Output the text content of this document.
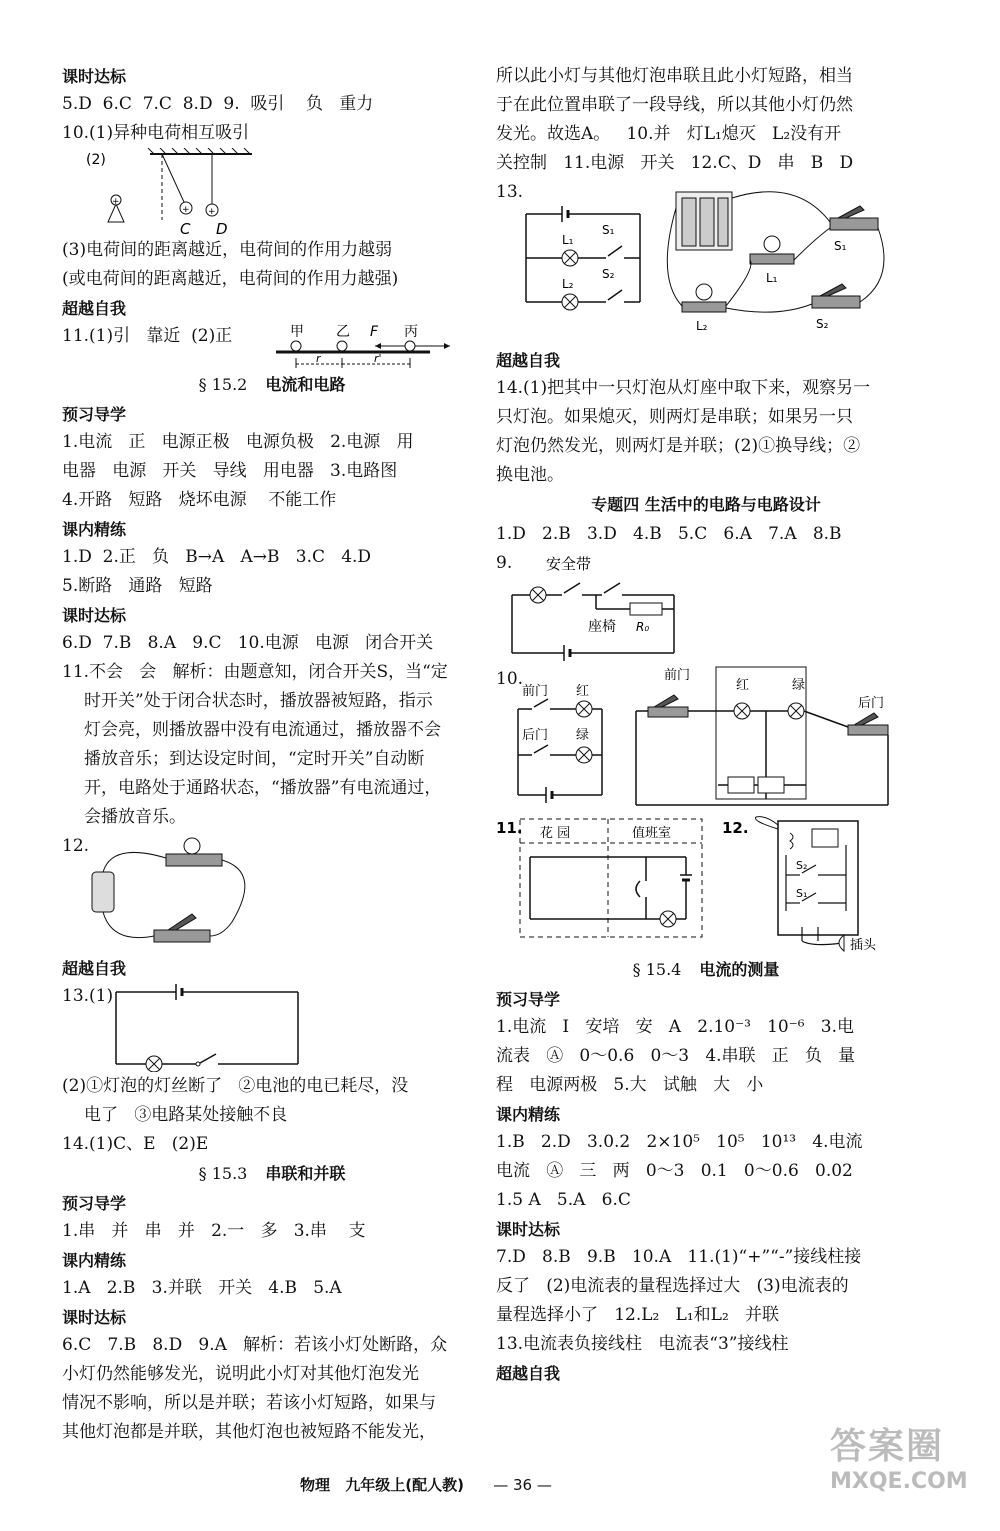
课时达标
5.D  6.C  7.C  8.D  9.  吸引    负   重力
10.(1)异种电荷相互吸引
(2)
+ +
+
C D
(3)电荷间的距离越近，电荷间的作用力越弱
(或电荷间的距离越近，电荷间的作用力越强)
超越自我
11.(1)引   靠近  (2)正	甲 乙 F 丙
r	r'
§ 15.2 电流和电路
预习导学
1.电流   正   电源正极   电源负极   2.电源   用
电器   电源   开关   导线   用电器   3.电路图
4.开路   短路   烧坏电源    不能工作
课内精练
1.D  2.正   负   B→A   A→B   3.C   4.D
5.断路   通路   短路
课时达标
6.D  7.B   8.A   9.C   10.电源   电源   闭合开关
11.不会   会   解析：由题意知，闭合开关S，当“定
时开关”处于闭合状态时，播放器被短路，指示
灯会亮，则播放器中没有电流通过，播放器不会
播放音乐；到达设定时间，“定时开关”自动断
开，电路处于通路状态，“播放器”有电流通过，
会播放音乐。
12.
超越自我
13.(1)
(2)①灯泡的灯丝断了   ②电池的电已耗尽，没
电了   ③电路某处接触不良
14.(1)C、E   (2)E
§ 15.3 串联和并联
预习导学
1.串   并   串   并   2.一   多   3.串    支
课内精练
1.A   2.B   3.并联   开关   4.B   5.A
课时达标
6.C   7.B   8.D   9.A   解析：若该小灯处断路，众
小灯仍然能够发光，说明此小灯对其他灯泡发光
情况不影响，所以是并联；若该小灯短路，如果与
其他灯泡都是并联，其他灯泡也被短路不能发光，
所以此小灯与其他灯泡串联且此小灯短路，相当
于在此位置串联了一段导线，所以其他小灯仍然
发光。故选A。   10.并   灯L₁熄灭   L₂没有开
关控制   11.电源   开关   12.C、D   串   B   D
13.
L₁
L₂
S₁
S₂
S₁
L₁
L₂	S₂
超越自我
14.(1)把其中一只灯泡从灯座中取下来，观察另一
只灯泡。如果熄灭，则两灯是串联；如果另一只
灯泡仍然发光，则两灯是并联；(2)①换导线；②
换电池。
专题四 生活中的电路与电路设计
1.D   2.B   3.D   4.B   5.C   6.A   7.A   8.B
9.	安全带
座椅 R₀
10.
前门 红
后门 绿
前门
红	绿
后门
11. 花 园	值班室	12.
S₂
S₁
插头
§ 15.4 电流的测量
预习导学
1.电流   I   安培   安   A   2.10⁻³   10⁻⁶   3.电
流表   Ⓐ   0～0.6   0～3   4.串联   正   负   量
程   电源两极   5.大   试触   大   小
课内精练
1.B   2.D   3.0.2   2×10⁵   10⁵   10¹³   4.电流
电流   Ⓐ   三   两   0～3   0.1   0～0.6   0.02
1.5 A   5.A   6.C
课时达标
7.D   8.B   9.B   10.A   11.(1)“+”“-”接线柱接
反了   (2)电流表的量程选择过大   (3)电流表的
量程选择小了   12.L₂   L₁和L₂   并联
13.电流表负接线柱   电流表“3”接线柱
超越自我
物理 九年级上(配人教) — 36 —
答案圈
MXQE.COM
